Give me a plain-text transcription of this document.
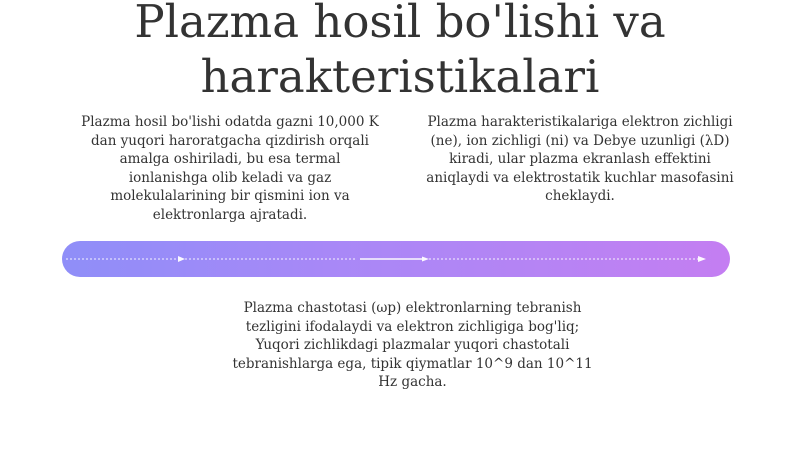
Plazma hosil bo'lishi va harakteristikalari
Plazma hosil bo'lishi odatda gazni 10,000 K dan yuqori haroratgacha qizdirish orqali amalga oshiriladi, bu esa termal ionlanishga olib keladi va gaz molekulalarining bir qismini ion va elektronlarga ajratadi.
Plazma harakteristikalariga elektron zichligi (ne), ion zichligi (ni) va Debye uzunligi (λD) kiradi, ular plazma ekranlash effektini aniqlaydi va elektrostatik kuchlar masofasini cheklaydi.
Plazma chastotasi (ωp) elektronlarning tebranish tezligini ifodalaydi va elektron zichligiga bog'liq; Yuqori zichlikdagi plazmalar yuqori chastotali tebranishlarga ega, tipik qiymatlar 10^9 dan 10^11 Hz gacha.
